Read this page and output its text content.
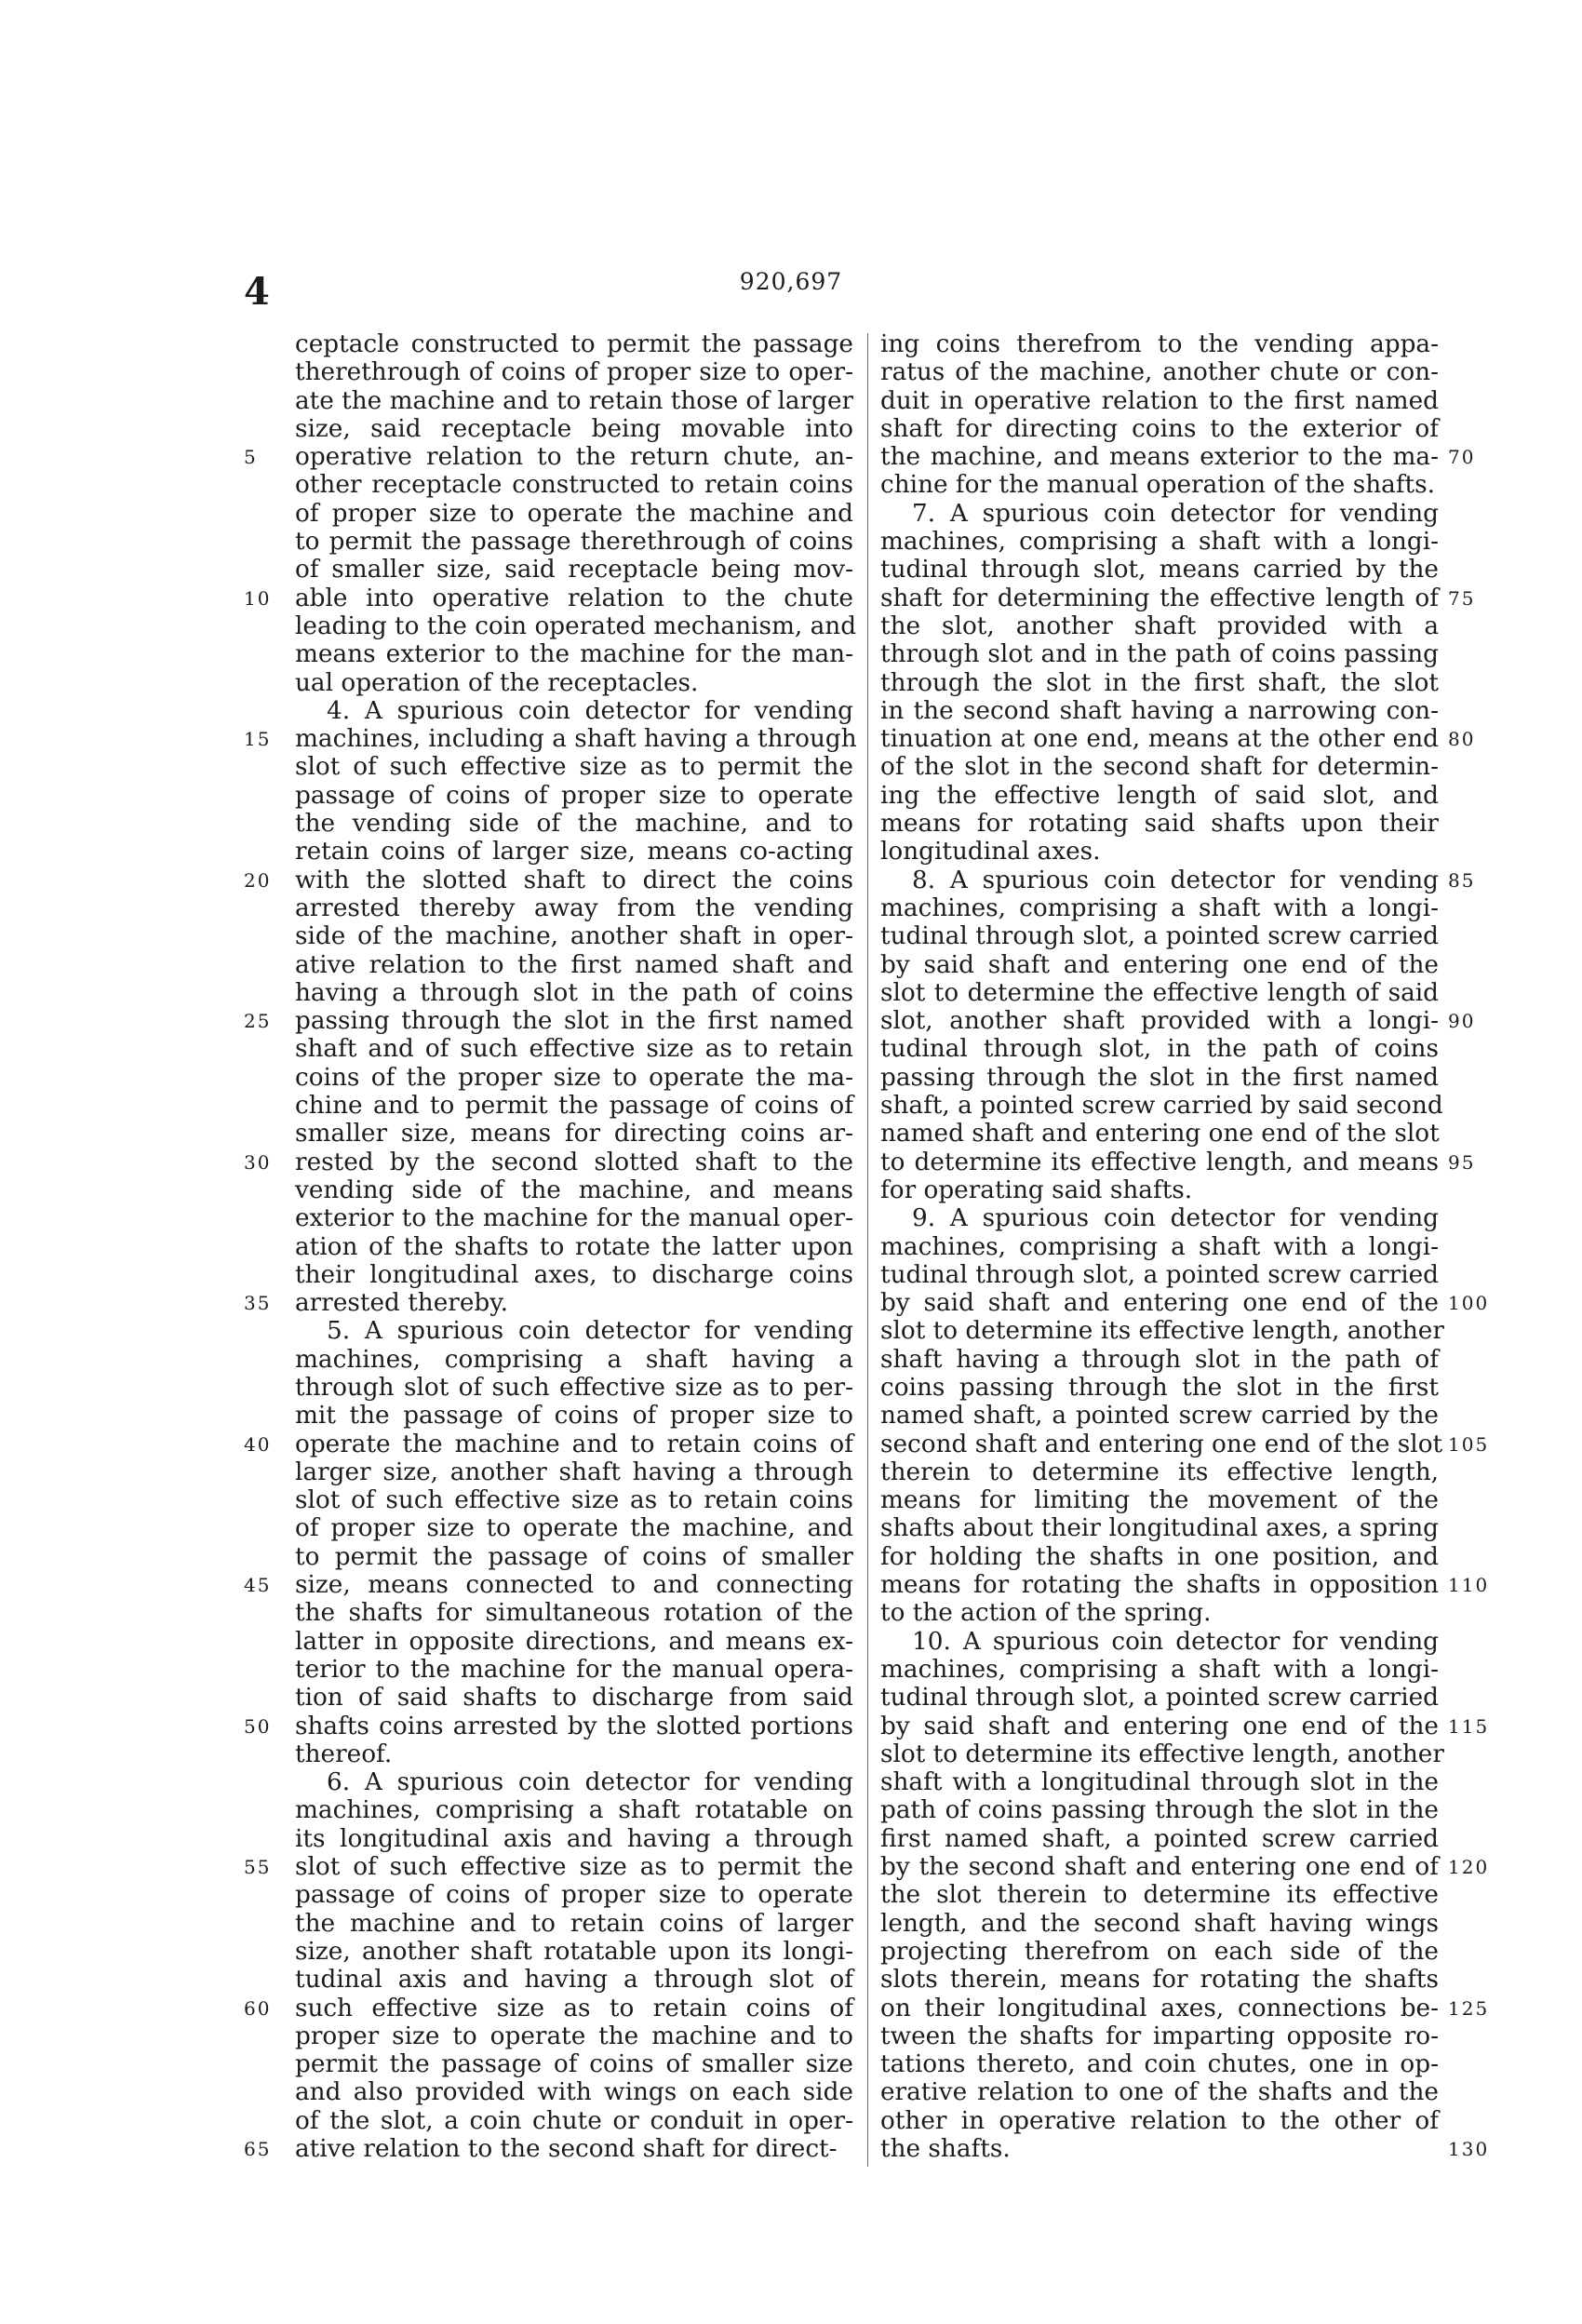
4	920,697
ceptacle constructed to permit the passage
therethrough of coins of proper size to oper-
ate the machine and to retain those of larger
size, said receptacle being movable into
operative relation to the return chute, an-
other receptacle constructed to retain coins
of proper size to operate the machine and
to permit the passage therethrough of coins
of smaller size, said receptacle being mov-
able into operative relation to the chute
leading to the coin operated mechanism, and
means exterior to the machine for the man-
ual operation of the receptacles.
4. A spurious coin detector for vending
machines, including a shaft having a through
slot of such effective size as to permit the
passage of coins of proper size to operate
the vending side of the machine, and to
retain coins of larger size, means co-acting
with the slotted shaft to direct the coins
arrested thereby away from the vending
side of the machine, another shaft in oper-
ative relation to the first named shaft and
having a through slot in the path of coins
passing through the slot in the first named
shaft and of such effective size as to retain
coins of the proper size to operate the ma-
chine and to permit the passage of coins of
smaller size, means for directing coins ar-
rested by the second slotted shaft to the
vending side of the machine, and means
exterior to the machine for the manual oper-
ation of the shafts to rotate the latter upon
their longitudinal axes, to discharge coins
arrested thereby.
5. A spurious coin detector for vending
machines, comprising a shaft having a
through slot of such effective size as to per-
mit the passage of coins of proper size to
operate the machine and to retain coins of
larger size, another shaft having a through
slot of such effective size as to retain coins
of proper size to operate the machine, and
to permit the passage of coins of smaller
size, means connected to and connecting
the shafts for simultaneous rotation of the
latter in opposite directions, and means ex-
terior to the machine for the manual opera-
tion of said shafts to discharge from said
shafts coins arrested by the slotted portions
thereof.
6. A spurious coin detector for vending
machines, comprising a shaft rotatable on
its longitudinal axis and having a through
slot of such effective size as to permit the
passage of coins of proper size to operate
the machine and to retain coins of larger
size, another shaft rotatable upon its longi-
tudinal axis and having a through slot of
such effective size as to retain coins of
proper size to operate the machine and to
permit the passage of coins of smaller size
and also provided with wings on each side
of the slot, a coin chute or conduit in oper-
ative relation to the second shaft for direct-
ing coins therefrom to the vending appa-
ratus of the machine, another chute or con-
duit in operative relation to the first named
shaft for directing coins to the exterior of
the machine, and means exterior to the ma-
chine for the manual operation of the shafts.
7. A spurious coin detector for vending
machines, comprising a shaft with a longi-
tudinal through slot, means carried by the
shaft for determining the effective length of
the slot, another shaft provided with a
through slot and in the path of coins passing
through the slot in the first shaft, the slot
in the second shaft having a narrowing con-
tinuation at one end, means at the other end
of the slot in the second shaft for determin-
ing the effective length of said slot, and
means for rotating said shafts upon their
longitudinal axes.
8. A spurious coin detector for vending
machines, comprising a shaft with a longi-
tudinal through slot, a pointed screw carried
by said shaft and entering one end of the
slot to determine the effective length of said
slot, another shaft provided with a longi-
tudinal through slot, in the path of coins
passing through the slot in the first named
shaft, a pointed screw carried by said second
named shaft and entering one end of the slot
to determine its effective length, and means
for operating said shafts.
9. A spurious coin detector for vending
machines, comprising a shaft with a longi-
tudinal through slot, a pointed screw carried
by said shaft and entering one end of the
slot to determine its effective length, another
shaft having a through slot in the path of
coins passing through the slot in the first
named shaft, a pointed screw carried by the
second shaft and entering one end of the slot
therein to determine its effective length,
means for limiting the movement of the
shafts about their longitudinal axes, a spring
for holding the shafts in one position, and
means for rotating the shafts in opposition
to the action of the spring.
10. A spurious coin detector for vending
machines, comprising a shaft with a longi-
tudinal through slot, a pointed screw carried
by said shaft and entering one end of the
slot to determine its effective length, another
shaft with a longitudinal through slot in the
path of coins passing through the slot in the
first named shaft, a pointed screw carried
by the second shaft and entering one end of
the slot therein to determine its effective
length, and the second shaft having wings
projecting therefrom on each side of the
slots therein, means for rotating the shafts
on their longitudinal axes, connections be-
tween the shafts for imparting opposite ro-
tations thereto, and coin chutes, one in op-
erative relation to one of the shafts and the
other in operative relation to the other of
the shafts.
5
10
15
20
25
30
35
40
45
50
55
60
65
70
75
80
85
90
95
100
105
110
115
120
125
130
